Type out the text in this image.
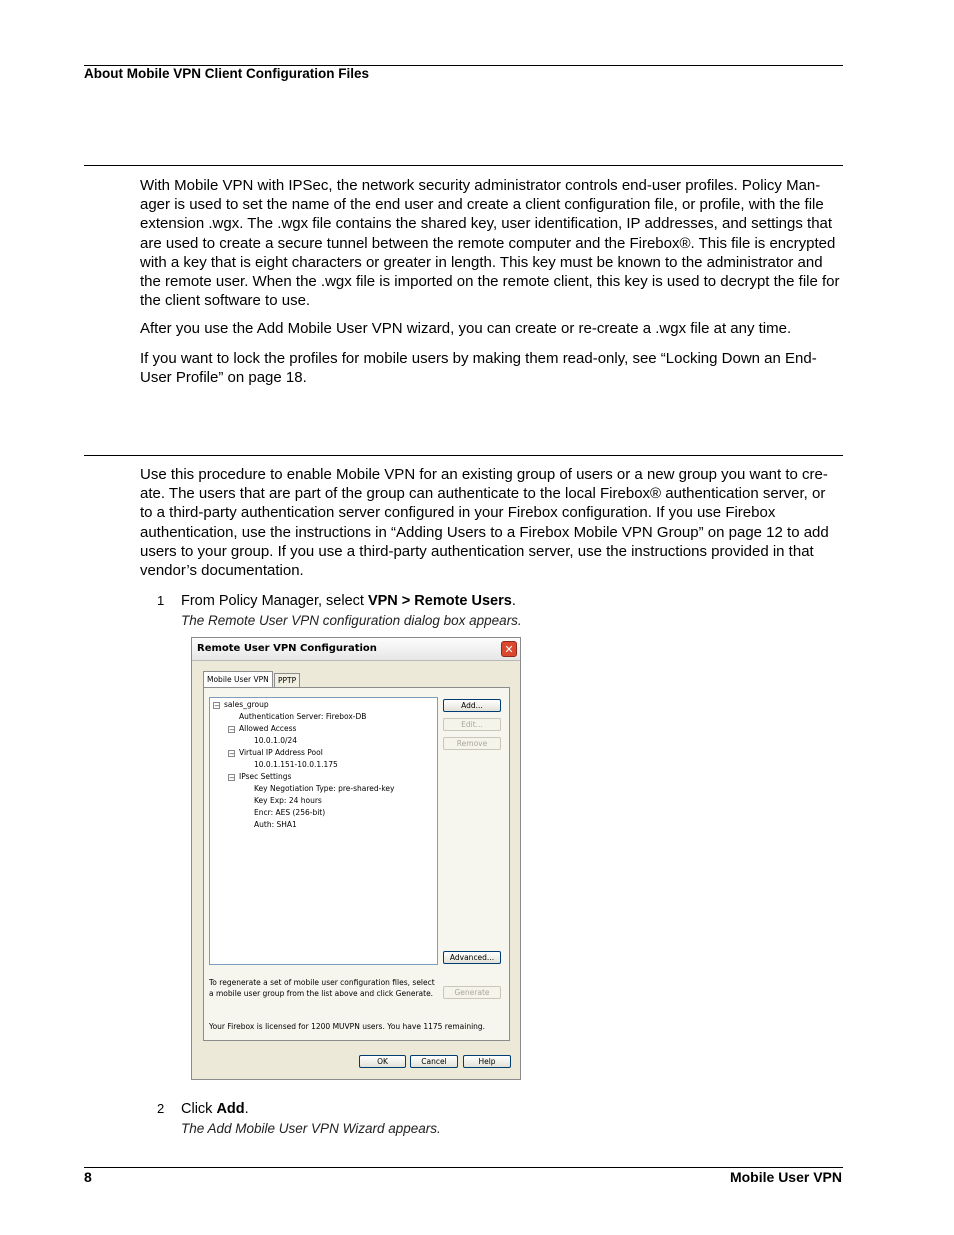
About Mobile VPN Client Configuration Files

With Mobile VPN with IPSec, the network security administrator controls end-user profiles. Policy Man-ager is used to set the name of the end user and create a client configuration file, or profile, with the file extension .wgx. The .wgx file contains the shared key, user identification, IP addresses, and settings that are used to create a secure tunnel between the remote computer and the Firebox®. This file is encrypted with a key that is eight characters or greater in length. This key must be known to the administrator and the remote user. When the .wgx file is imported on the remote client, this key is used to decrypt the file for the client software to use.

After you use the Add Mobile User VPN wizard, you can create or re-create a .wgx file at any time.

If you want to lock the profiles for mobile users by making them read-only, see “Locking Down an End-User Profile” on page 18.

Use this procedure to enable Mobile VPN for an existing group of users or a new group you want to cre-ate. The users that are part of the group can authenticate to the local Firebox® authentication server, or to a third-party authentication server configured in your Firebox configuration. If you use Firebox authentication, use the instructions in “Adding Users to a Firebox Mobile VPN Group” on page 12 to add users to your group. If you use a third-party authentication server, use the instructions provided in that vendor’s documentation.

1 From Policy Manager, select VPN > Remote Users.
The Remote User VPN configuration dialog box appears.
Remote User VPN Configuration	✕
Mobile User VPN	PPTP
− sales_group
Authentication Server: Firebox-DB
− Allowed Access
10.0.1.0/24
− Virtual IP Address Pool
10.0.1.151-10.0.1.175
− IPsec Settings
Key Negotiation Type: pre-shared-key
Key Exp: 24 hours
Encr: AES (256-bit)
Auth: SHA1
Add...
Edit...
Remove
Advanced...
To regenerate a set of mobile user configuration files, select a mobile user group from the list above and click Generate.	Generate
Your Firebox is licensed for 1200 MUVPN users. You have 1175 remaining.
OK	Cancel	Help
2 Click Add.
The Add Mobile User VPN Wizard appears.
8	Mobile User VPN
